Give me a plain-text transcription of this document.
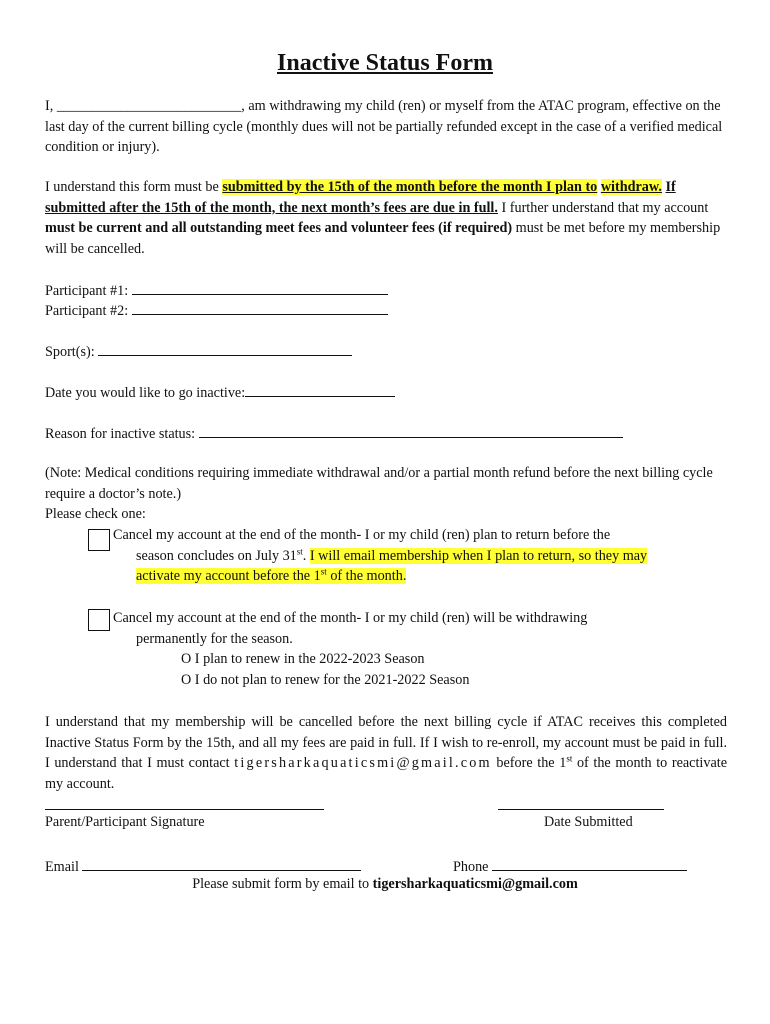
Inactive Status Form
I, __________________________, am withdrawing my child (ren) or myself from the ATAC program, effective on the last day of the current billing cycle (monthly dues will not be partially refunded except in the case of a verified medical condition or injury).
I understand this form must be submitted by the 15th of the month before the month I plan to withdraw. If submitted after the 15th of the month, the next month’s fees are due in full. I further understand that my account must be current and all outstanding meet fees and volunteer fees (if required) must be met before my membership will be cancelled.
Participant #1:
Participant #2:
Sport(s):
Date you would like to go inactive:
Reason for inactive status:
(Note: Medical conditions requiring immediate withdrawal and/or a partial month refund before the next billing cycle require a doctor’s note.)
Please check one:
Cancel my account at the end of the month- I or my child (ren) plan to return before the
season concludes on July 31st. I will email membership when I plan to return, so they may
activate my account before the 1st of the month.
Cancel my account at the end of the month- I or my child (ren) will be withdrawing
permanently for the season.
O I plan to renew in the 2022-2023 Season
O I do not plan to renew for the 2021-2022 Season
I understand that my membership will be cancelled before the next billing cycle if ATAC receives this completed Inactive Status Form by the 15th, and all my fees are paid in full. If I wish to re-enroll, my account must be paid in full. I understand that I must contact tigersharkaquaticsmi@gmail.com before the 1st of the month to reactivate my account.
Parent/Participant Signature	Date Submitted
Email	Phone
Please submit form by email to tigersharkaquaticsmi@gmail.com
